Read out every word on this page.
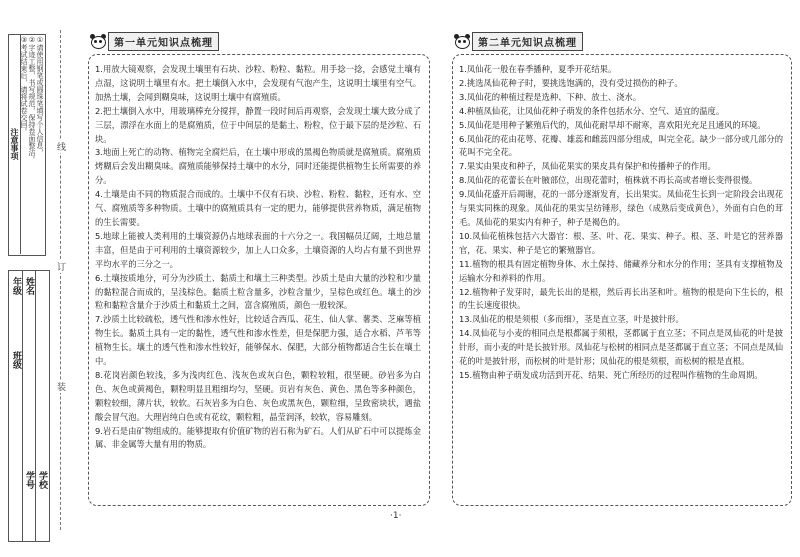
注意事项	①请使用钢笔或圆珠笔填写个人信息，
②字迹工整，书写规范，保持卷面整洁。
③考试结束后，请将试卷交回。
年级 姓名
班级
学号 学校
线
订
装
第一单元知识点梳理

1.用放大镜观察，会发现土壤里有石块、沙粒、粉粒、黏粒。用手捻一捻，会感觉土壤有点湿，这说明土壤里有水。把土壤倒入水中，会发现有气泡产生，这说明土壤里有空气。加热土壤，会闻到糊臭味，这说明土壤中有腐殖质。

2.把土壤倒入水中，用玻璃棒充分搅拌，静置一段时间后再观察，会发现土壤大致分成了三层，漂浮在水面上的是腐殖质，位于中间层的是黏土、粉粒，位于最下层的是沙粒、石块。

3.地面上死亡的动物、植物完全腐烂后，在土壤中形成的黑褐色物质就是腐殖质。腐殖质烤糊后会发出糊臭味。腐殖质能够保持土壤中的水分，同时还能提供植物生长所需要的养分。

4.土壤是由不同的物质混合而成的。土壤中不仅有石块、沙粒、粉粒、黏粒，还有水、空气、腐殖质等多种物质。土壤中的腐殖质具有一定的肥力，能够提供营养物质，满足植物的生长需要。

5.地球上能被人类利用的土壤资源仍占地球表面的十六分之一。我国幅员辽阔，土地总量丰富，但是由于可利用的土壤资源较少，加上人口众多，土壤资源的人均占有量不到世界平均水平的三分之一。

6.土壤按质地分，可分为沙质土、黏质土和壤土三种类型。沙质土是由大量的沙粒和少量的黏粒混合而成的，呈浅棕色。黏质土粒含量多，沙粒含量少，呈棕色或红色。壤土的沙粒和黏粒含量介于沙质土和黏质土之间，富含腐殖质，颜色一般较深。

7.沙质土比较疏松，透气性和渗水性好，比较适合西瓜、花生、仙人掌、薯类、芝麻等植物生长。黏质土具有一定的黏性，透气性和渗水性差，但是保肥力强，适合水稻、芦苇等植物生长。壤土的透气性和渗水性较好，能够保水、保肥，大部分植物都适合生长在壤土中。

8.花岗岩颜色较浅，多为浅肉红色、浅灰色或灰白色，颗粒较粗，很坚硬。砂岩多为白色、灰色或黄褐色，颗粒明显且粗细均匀，坚硬。页岩有灰色、黄色、黑色等多种颜色，颗粒较细，薄片状，较软。石灰岩多为白色、灰色或黑灰色，颗粒细，呈致密块状，遇盐酸会冒气泡。大理岩纯白色或有花纹，颗粒粗，晶莹润泽，较软，容易雕刻。

9.岩石是由矿物组成的。能够提取有价值矿物的岩石称为矿石。人们从矿石中可以提炼金属、非金属等大量有用的物质。

第二单元知识点梳理

1.凤仙花一般在春季播种，夏季开花结果。

2.挑选凤仙花种子时，要挑选饱满的，没有受过损伤的种子。

3.凤仙花的种植过程是选种、下种、放土、浇水。

4.种植凤仙花，让凤仙花种子萌发的条件包括水分、空气、适宜的温度。

5.凤仙花是用种子繁殖后代的，凤仙花耐旱却不耐寒，喜欢阳光充足且通风的环境。

6.凤仙花的花由花萼、花瓣、雄蕊和雌蕊四部分组成，叫完全花。缺少一部分或几部分的花叫不完全花。

7.果实由果皮和种子，凤仙花果实的果皮具有保护和传播种子的作用。

8.凤仙花的花蕾长在叶腋部位，出现花蕾时，植株就不再长高或者增长变得很慢。

9.凤仙花盛开后凋谢，花的一部分逐渐发育，长出果实。凤仙花生长到一定阶段会出现花与果实同株的现象。凤仙花的果实呈纺锤形，绿色（成熟后变成黄色），外面有白色的茸毛。凤仙花的果实内有种子，种子是褐色的。

10.凤仙花植株包括六大器官：根、茎、叶、花、果实、种子。根、茎、叶是它的营养器官，花、果实、种子是它的繁殖器官。

11.植物的根具有固定植物身体、水土保持、储藏养分和水分的作用；茎具有支撑植物及运输水分和养料的作用。

12.植物种子发芽时，最先长出的是根，然后再长出茎和叶。植物的根是向下生长的，根的生长速度很快。

13.凤仙花的根是须根（多而细），茎是直立茎，叶是披针形。

14.凤仙花与小麦的相同点是根都属于须根，茎都属于直立茎；不同点是凤仙花的叶是披针形，而小麦的叶是长披针形。凤仙花与松树的相同点是茎都属于直立茎；不同点是凤仙花的叶是披针形，而松树的叶是针形；凤仙花的根是须根，而松树的根是直根。

15.植物由种子萌发成功活到开花、结果、死亡所经历的过程叫作植物的生命周期。

·1·
